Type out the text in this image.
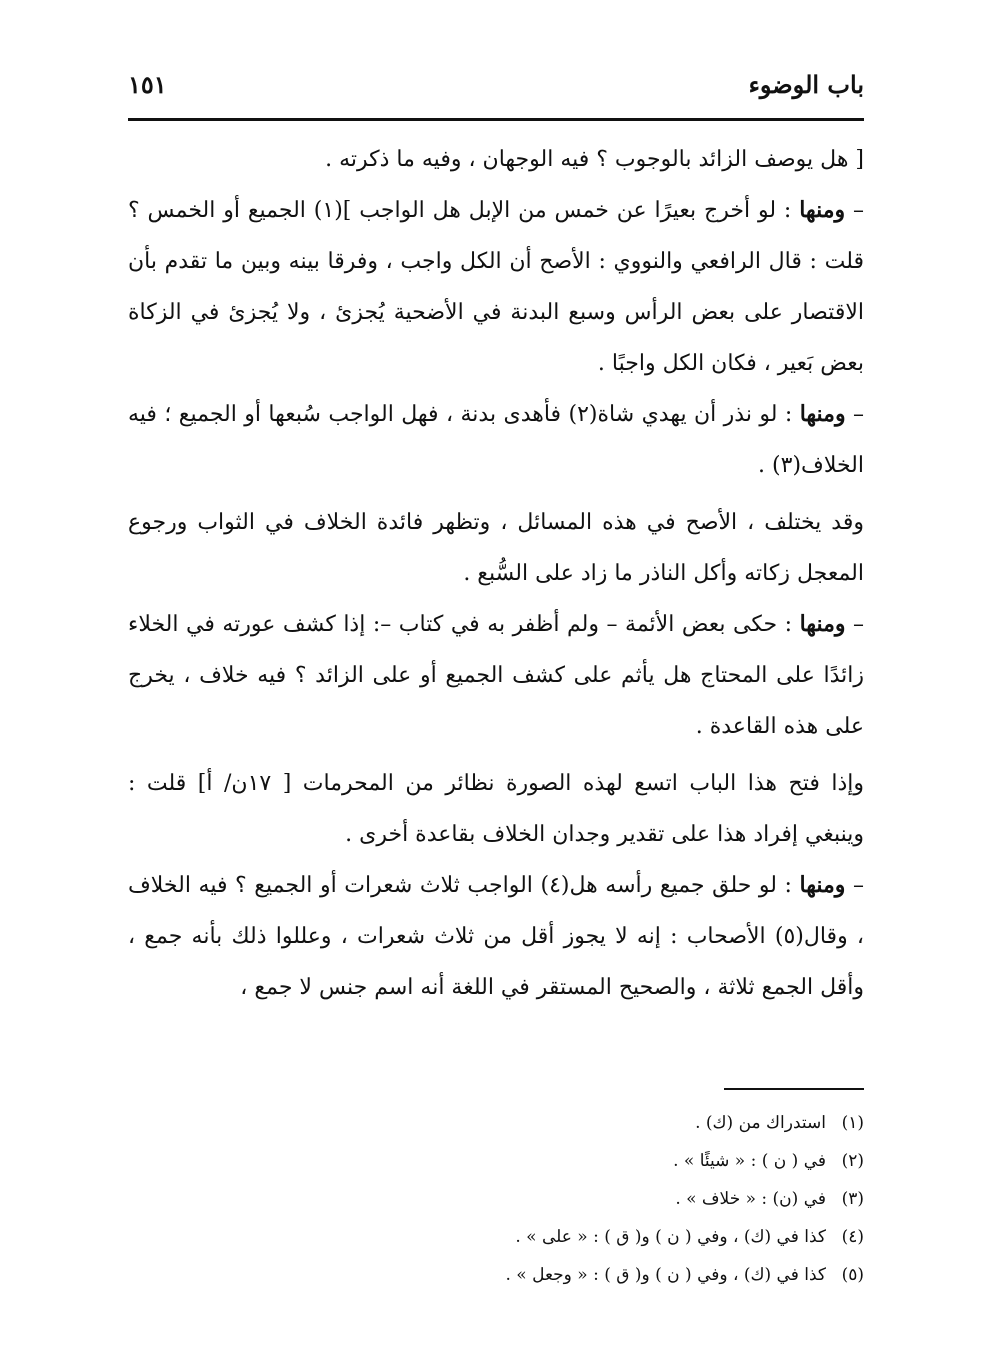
باب الوضوء
١٥١

[ هل يوصف الزائد بالوجوب ؟ فيه الوجهان ، وفيه ما ذكرته .

– ومنها : لو أخرج بعيرًا عن خمس من الإبل هل الواجب ](١) الجميع أو الخمس ؟ قلت : قال الرافعي والنووي : الأصح أن الكل واجب ، وفرقا بينه وبين ما تقدم بأن الاقتصار على بعض الرأس وسبع البدنة في الأضحية يُجزئ ، ولا يُجزئ في الزكاة بعض بَعير ، فكان الكل واجبًا .

– ومنها : لو نذر أن يهدي شاة(٢) فأهدى بدنة ، فهل الواجب سُبعها أو الجميع ؛ فيه الخلاف(٣) .

وقد يختلف ، الأصح في هذه المسائل ، وتظهر فائدة الخلاف في الثواب ورجوع المعجل زكاته وأكل الناذر ما زاد على السُّبع .

– ومنها : حكى بعض الأئمة – ولم أظفر به في كتاب –: إذا كشف عورته في الخلاء زائدًا على المحتاج هل يأثم على كشف الجميع أو على الزائد ؟ فيه خلاف ، يخرج على هذه القاعدة .

وإذا فتح هذا الباب اتسع لهذه الصورة نظائر من المحرمات [ ١٧ن/ أ] قلت : وينبغي إفراد هذا على تقدير وجدان الخلاف بقاعدة أخرى .

– ومنها : لو حلق جميع رأسه هل(٤) الواجب ثلاث شعرات أو الجميع ؟ فيه الخلاف ، وقال(٥) الأصحاب : إنه لا يجوز أقل من ثلاث شعرات ، وعللوا ذلك بأنه جمع ، وأقل الجمع ثلاثة ، والصحيح المستقر في اللغة أنه اسم جنس لا جمع ،

(١)استدراك من (ك) .

(٢)في ( ن ) : « شيئًا » .

(٣)في (ن) : « خلاف » .

(٤)كذا في (ك) ، وفي ( ن ) و( ق ) : « على » .

(٥)كذا في (ك) ، وفي ( ن ) و( ق ) : « وجعل » .
